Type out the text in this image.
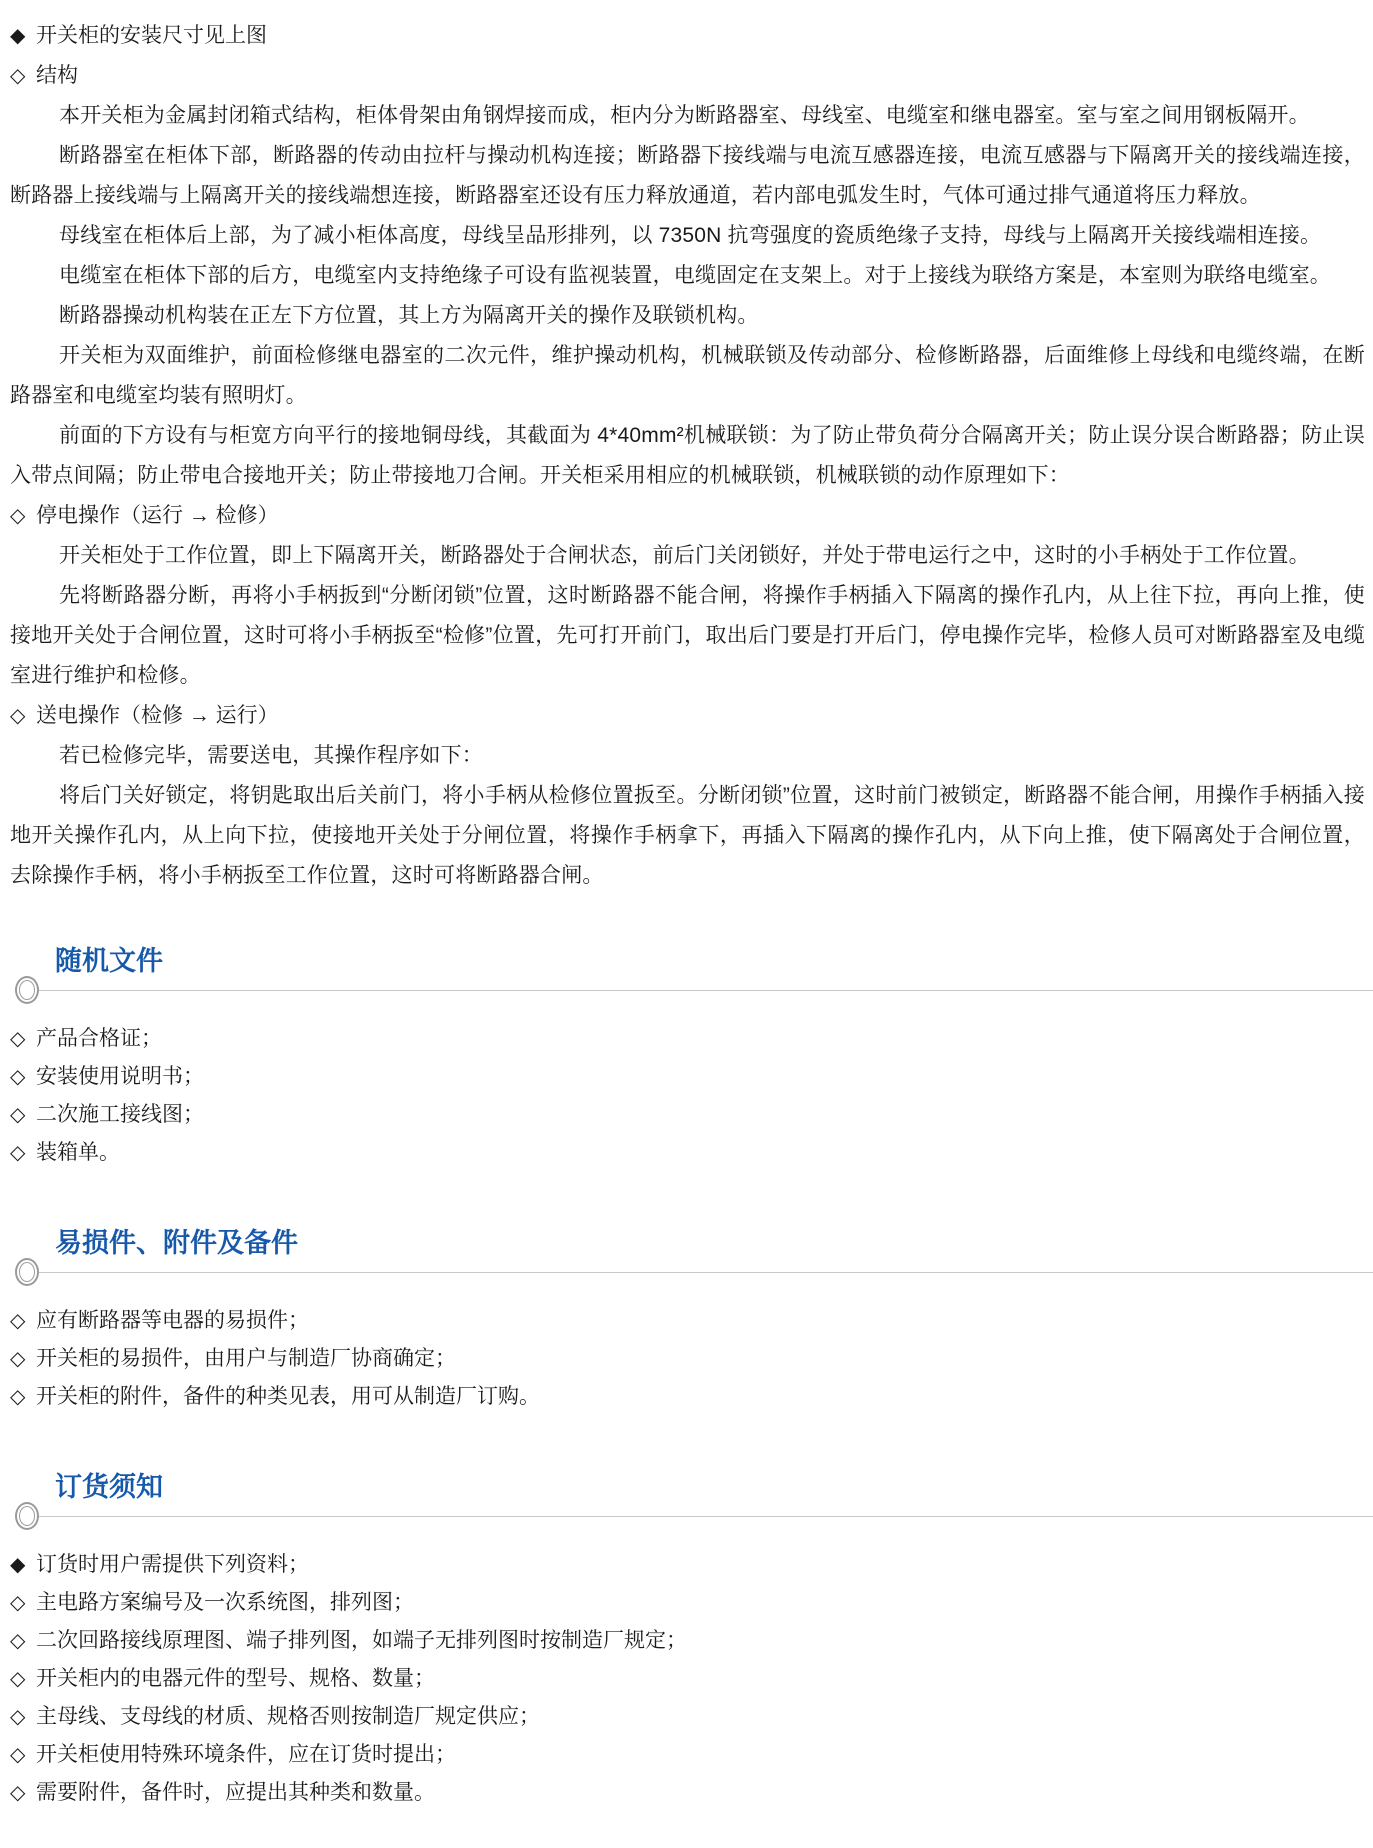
◆ 开关柜的安装尺寸见上图
◇ 结构

本开关柜为金属封闭箱式结构，柜体骨架由角钢焊接而成，柜内分为断路器室、母线室、电缆室和继电器室。室与室之间用钢板隔开。

断路器室在柜体下部，断路器的传动由拉杆与操动机构连接；断路器下接线端与电流互感器连接，电流互感器与下隔离开关的接线端连接，断路器上接线端与上隔离开关的接线端想连接，断路器室还设有压力释放通道，若内部电弧发生时，气体可通过排气通道将压力释放。

母线室在柜体后上部，为了减小柜体高度，母线呈品形排列，以 7350N 抗弯强度的瓷质绝缘子支持，母线与上隔离开关接线端相连接。

电缆室在柜体下部的后方，电缆室内支持绝缘子可设有监视装置，电缆固定在支架上。对于上接线为联络方案是，本室则为联络电缆室。

断路器操动机构装在正左下方位置，其上方为隔离开关的操作及联锁机构。

开关柜为双面维护，前面检修继电器室的二次元件，维护操动机构，机械联锁及传动部分、检修断路器，后面维修上母线和电缆终端，在断路器室和电缆室均装有照明灯。

前面的下方设有与柜宽方向平行的接地铜母线，其截面为 4*40mm²机械联锁：为了防止带负荷分合隔离开关；防止误分误合断路器；防止误入带点间隔；防止带电合接地开关；防止带接地刀合闸。开关柜采用相应的机械联锁，机械联锁的动作原理如下：

◇ 停电操作（运行 → 检修）

开关柜处于工作位置，即上下隔离开关，断路器处于合闸状态，前后门关闭锁好，并处于带电运行之中，这时的小手柄处于工作位置。

先将断路器分断，再将小手柄扳到“分断闭锁”位置，这时断路器不能合闸，将操作手柄插入下隔离的操作孔内，从上往下拉，再向上推，使接地开关处于合闸位置，这时可将小手柄扳至“检修”位置，先可打开前门，取出后门要是打开后门，停电操作完毕，检修人员可对断路器室及电缆室进行维护和检修。

◇ 送电操作（检修 → 运行）

若已检修完毕，需要送电，其操作程序如下：

将后门关好锁定，将钥匙取出后关前门，将小手柄从检修位置扳至。分断闭锁”位置，这时前门被锁定，断路器不能合闸，用操作手柄插入接地开关操作孔内，从上向下拉，使接地开关处于分闸位置，将操作手柄拿下，再插入下隔离的操作孔内，从下向上推，使下隔离处于合闸位置，去除操作手柄，将小手柄扳至工作位置，这时可将断路器合闸。

随机文件
◇ 产品合格证；
◇ 安装使用说明书；
◇ 二次施工接线图；
◇ 装箱单。
易损件、附件及备件
◇ 应有断路器等电器的易损件；
◇ 开关柜的易损件，由用户与制造厂协商确定；
◇ 开关柜的附件，备件的种类见表，用可从制造厂订购。
订货须知
◆ 订货时用户需提供下列资料；
◇ 主电路方案编号及一次系统图，排列图；
◇ 二次回路接线原理图、端子排列图，如端子无排列图时按制造厂规定；
◇ 开关柜内的电器元件的型号、规格、数量；
◇ 主母线、支母线的材质、规格否则按制造厂规定供应；
◇ 开关柜使用特殊环境条件，应在订货时提出；
◇ 需要附件，备件时，应提出其种类和数量。
